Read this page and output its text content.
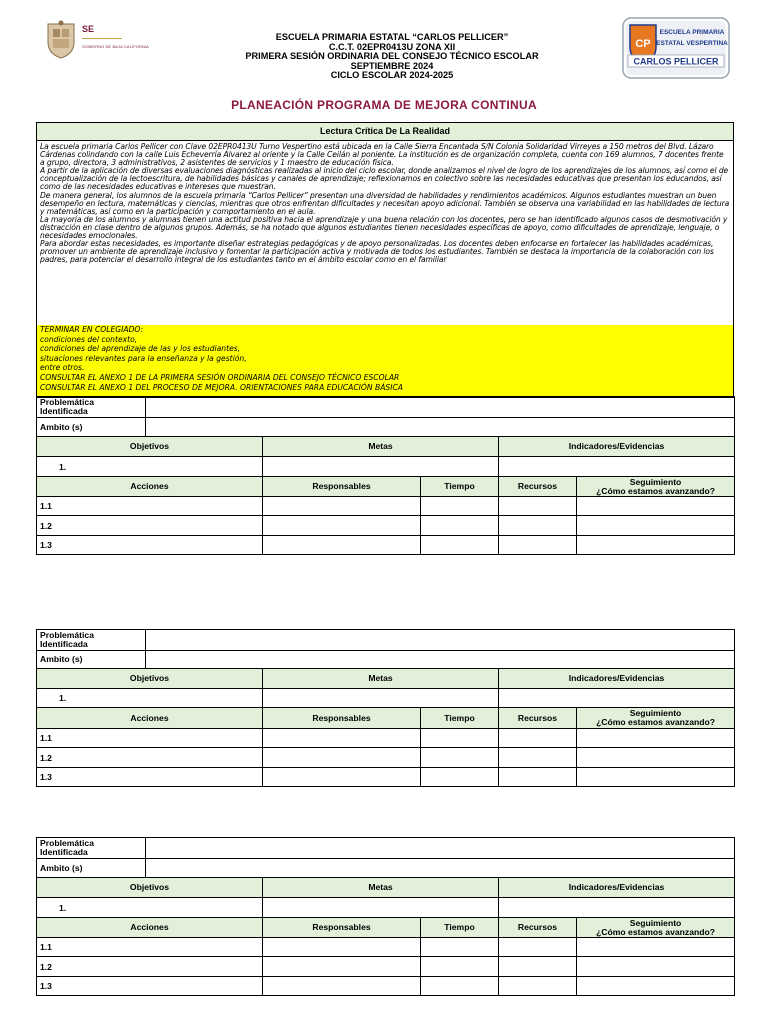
SE
GOBIERNO DE BAJA CALIFORNIA
ESCUELA PRIMARIA ESTATAL “CARLOS PELLICER”
C.C.T. 02EPR0413U ZONA XII
PRIMERA SESIÓN ORDINARIA DEL CONSEJO TÉCNICO ESCOLAR
SEPTIEMBRE 2024
CICLO ESCOLAR 2024-2025
CP
ESCUELA PRIMARIA
ESTATAL VESPERTINA
CARLOS PELLICER
PLANEACIÓN PROGRAMA DE MEJORA CONTINUA
Lectura Crítica De La Realidad

La escuela primaria Carlos Pellicer con Clave 02EPR0413U Turno Vespertino está ubicada en la Calle Sierra Encantada S/N Colonia Solidaridad Virreyes a 150 metros del Blvd. Lázaro Cárdenas colindando con la calle Luis Echeverría Álvarez al oriente y la Calle Ceilán al poniente. La institución es de organización completa, cuenta con 169 alumnos, 7 docentes frente a grupo, directora, 3 administrativos, 2 asistentes de servicios y 1 maestro de educación física.

A partir de la aplicación de diversas evaluaciones diagnósticas realizadas al inicio del ciclo escolar, donde analizamos el nivel de logro de los aprendizajes de los alumnos, así como el de conceptualización de la lectoescritura, de habilidades básicas y canales de aprendizaje; reflexionamos en colectivo sobre las necesidades educativas que presentan los educandos, así como de las necesidades educativas e intereses que muestran.

De manera general, los alumnos de la escuela primaria “Carlos Pellicer” presentan una diversidad de habilidades y rendimientos académicos. Algunos estudiantes muestran un buen desempeño en lectura, matemáticas y ciencias, mientras que otros enfrentan dificultades y necesitan apoyo adicional. También se observa una variabilidad en las habilidades de lectura y matemáticas, así como en la participación y comportamiento en el aula.

La mayoría de los alumnos y alumnas tienen una actitud positiva hacia el aprendizaje y una buena relación con los docentes, pero se han identificado algunos casos de desmotivación y distracción en clase dentro de algunos grupos. Además, se ha notado que algunos estudiantes tienen necesidades específicas de apoyo, como dificultades de aprendizaje, lenguaje, o necesidades emocionales.

Para abordar estas necesidades, es importante diseñar estrategias pedagógicas y de apoyo personalizadas. Los docentes deben enfocarse en fortalecer las habilidades académicas, promover un ambiente de aprendizaje inclusivo y fomentar la participación activa y motivada de todos los estudiantes. También se destaca la importancia de la colaboración con los padres, para potenciar el desarrollo integral de los estudiantes tanto en el ámbito escolar como en el familiar

TERMINAR EN COLEGIADO:

condiciones del contexto,

condiciones del aprendizaje de las y los estudiantes,

situaciones relevantes para la enseñanza y la gestión,

entre otros.

CONSULTAR EL ANEXO 1 DE LA PRIMERA SESIÓN ORDINARIA DEL CONSEJO TÉCNICO ESCOLAR

CONSULTAR EL ANEXO 1 DEL PROCESO DE MEJORA. ORIENTACIONES PARA EDUCACIÓN BÁSICA

Problemática Identificada					
Ambito (s)					
Objetivos		Metas		Indicadores/Evidencias	
1.					
Acciones		Responsables	Tiempo	Recursos	Seguimiento
¿Cómo estamos avanzando?

1.1					
1.2					
1.3					
Problemática Identificada					
Ambito (s)					
Objetivos		Metas		Indicadores/Evidencias	
1.					
Acciones		Responsables	Tiempo	Recursos	Seguimiento
¿Cómo estamos avanzando?

1.1					
1.2					
1.3					
Problemática Identificada					
Ambito (s)					
Objetivos		Metas		Indicadores/Evidencias	
1.					
Acciones		Responsables	Tiempo	Recursos	Seguimiento
¿Cómo estamos avanzando?

1.1					
1.2					
1.3					
